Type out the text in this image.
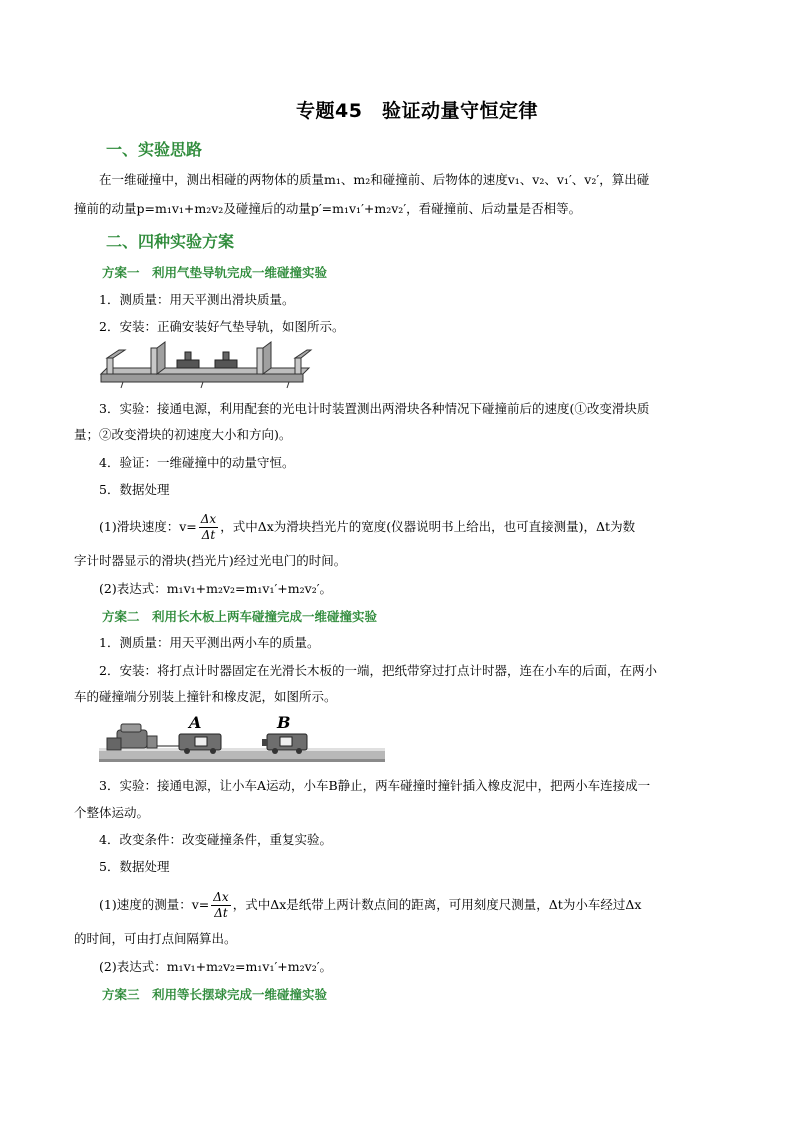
专题45　验证动量守恒定律
一、实验思路
在一维碰撞中，测出相碰的两物体的质量m₁、m₂和碰撞前、后物体的速度v₁、v₂、v₁′、v₂′，算出碰
撞前的动量p=m₁v₁+m₂v₂及碰撞后的动量p′=m₁v₁′+m₂v₂′，看碰撞前、后动量是否相等。
二、四种实验方案
方案一　利用气垫导轨完成一维碰撞实验
1．测质量：用天平测出滑块质量。
2．安装：正确安装好气垫导轨，如图所示。
3．实验：接通电源，利用配套的光电计时装置测出两滑块各种情况下碰撞前后的速度(①改变滑块质
量；②改变滑块的初速度大小和方向)。
4．验证：一维碰撞中的动量守恒。
5．数据处理
(1)滑块速度：$v= \frac{\Delta x}{\Delta t}$ ，式中Δx为滑块挡光片的宽度(仪器说明书上给出，也可直接测量)，Δt为数
字计时器显示的滑块(挡光片)经过光电门的时间。
(2)表达式：m₁v₁+m₂v₂=m₁v₁′+m₂v₂′。
方案二　利用长木板上两车碰撞完成一维碰撞实验
1．测质量：用天平测出两小车的质量。
2．安装：将打点计时器固定在光滑长木板的一端，把纸带穿过打点计时器，连在小车的后面，在两小
车的碰撞端分别装上撞针和橡皮泥，如图所示。
A	B
3．实验：接通电源，让小车A运动，小车B静止，两车碰撞时撞针插入橡皮泥中，把两小车连接成一
个整体运动。
4．改变条件：改变碰撞条件，重复实验。
5．数据处理
(1)速度的测量：$v= \frac{\Delta x}{\Delta t}$ ，式中Δx是纸带上两计数点间的距离，可用刻度尺测量，Δt为小车经过Δx
的时间，可由打点间隔算出。
(2)表达式：m₁v₁+m₂v₂=m₁v₁′+m₂v₂′。
方案三　利用等长摆球完成一维碰撞实验
